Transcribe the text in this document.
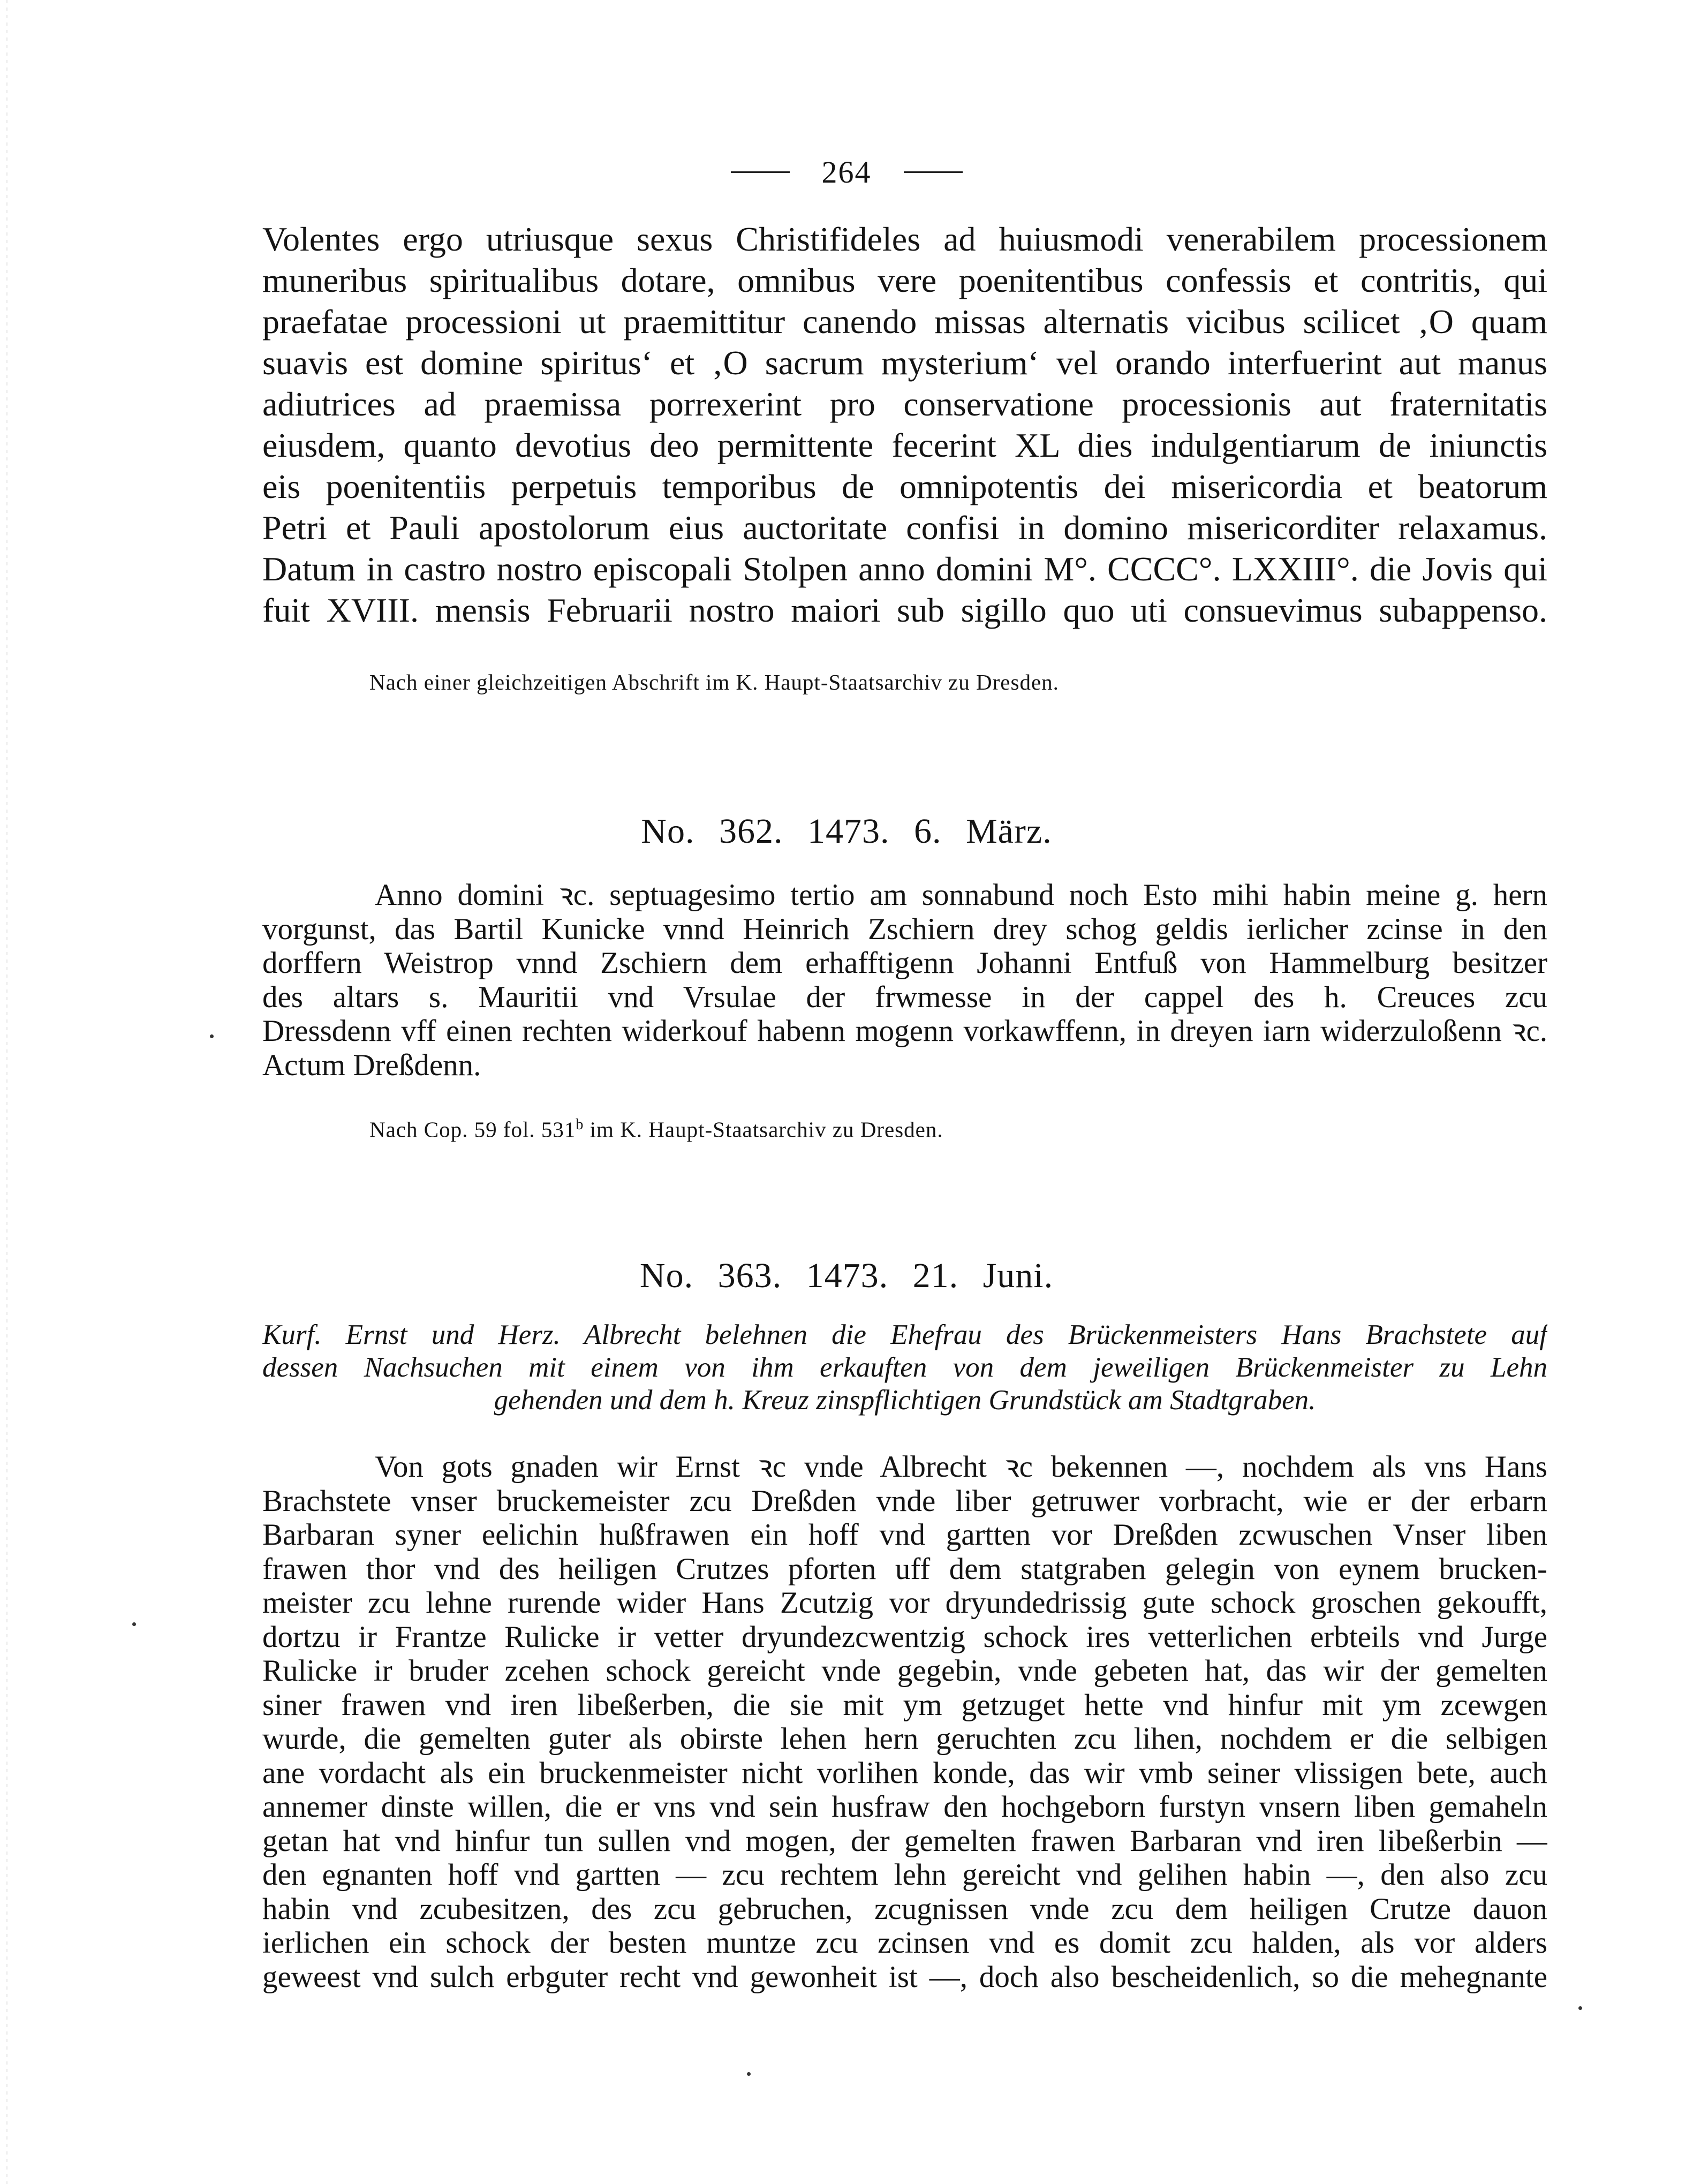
264
Volentes ergo utriusque sexus Christifideles ad huiusmodi venerabilem processionem
muneribus spiritualibus dotare, omnibus vere poenitentibus confessis et contritis, qui
praefatae processioni ut praemittitur canendo missas alternatis vicibus scilicet ‚O quam
suavis est domine spiritus‘ et ‚O sacrum mysterium‘ vel orando interfuerint aut manus
adiutrices ad praemissa porrexerint pro conservatione processionis aut fraternitatis
eiusdem, quanto devotius deo permittente fecerint XL dies indulgentiarum de iniunctis
eis poenitentiis perpetuis temporibus de omnipotentis dei misericordia et beatorum
Petri et Pauli apostolorum eius auctoritate confisi in domino misericorditer relaxamus.
Datum in castro nostro episcopali Stolpen anno domini M°. CCCC°. LXXIII°. die Jovis qui
fuit XVIII. mensis Februarii nostro maiori sub sigillo quo uti consuevimus subappenso.
Nach einer gleichzeitigen Abschrift im K. Haupt-Staatsarchiv zu Dresden.
No. 362. 1473. 6. März.
Anno domini ꝛc. septuagesimo tertio am sonnabund noch Esto mihi habin meine g. hern
vorgunst, das Bartil Kunicke vnnd Heinrich Zschiern drey schog geldis ierlicher zcinse in den
dorffern Weistrop vnnd Zschiern dem erhafftigenn Johanni Entfuß von Hammelburg besitzer
des altars s. Mauritii vnd Vrsulae der frwmesse in der cappel des h. Creuces zcu
Dressdenn vff einen rechten widerkouf habenn mogenn vorkawffenn, in dreyen iarn widerzuloßenn ꝛc.
Actum Dreßdenn.
Nach Cop. 59 fol. 531$^b$ im K. Haupt-Staatsarchiv zu Dresden.
No. 363. 1473. 21. Juni.
Kurf. Ernst und Herz. Albrecht belehnen die Ehefrau des Brückenmeisters Hans Brachstete auf
dessen Nachsuchen mit einem von ihm erkauften von dem jeweiligen Brückenmeister zu Lehn
gehenden und dem h. Kreuz zinspflichtigen Grundstück am Stadtgraben.
Von gots gnaden wir Ernst ꝛc vnde Albrecht ꝛc bekennen —, nochdem als vns Hans
Brachstete vnser bruckemeister zcu Dreßden vnde liber getruwer vorbracht, wie er der erbarn
Barbaran syner eelichin hußfrawen ein hoff vnd gartten vor Dreßden zcwuschen Vnser liben
frawen thor vnd des heiligen Crutzes pforten uff dem statgraben gelegin von eynem brucken-
meister zcu lehne rurende wider Hans Zcutzig vor dryundedrissig gute schock groschen gekoufft,
dortzu ir Frantze Rulicke ir vetter dryundezcwentzig schock ires vetterlichen erbteils vnd Jurge
Rulicke ir bruder zcehen schock gereicht vnde gegebin, vnde gebeten hat, das wir der gemelten
siner frawen vnd iren libeßerben, die sie mit ym getzuget hette vnd hinfur mit ym zcewgen
wurde, die gemelten guter als obirste lehen hern geruchten zcu lihen, nochdem er die selbigen
ane vordacht als ein bruckenmeister nicht vorlihen konde, das wir vmb seiner vlissigen bete, auch
annemer dinste willen, die er vns vnd sein husfraw den hochgeborn furstyn vnsern liben gemaheln
getan hat vnd hinfur tun sullen vnd mogen, der gemelten frawen Barbaran vnd iren libeßerbin —
den egnanten hoff vnd gartten — zcu rechtem lehn gereicht vnd gelihen habin —, den also zcu
habin vnd zcubesitzen, des zcu gebruchen, zcugnissen vnde zcu dem heiligen Crutze dauon
ierlichen ein schock der besten muntze zcu zcinsen vnd es domit zcu halden, als vor alders
geweest vnd sulch erbguter recht vnd gewonheit ist —, doch also bescheidenlich, so die mehegnante
